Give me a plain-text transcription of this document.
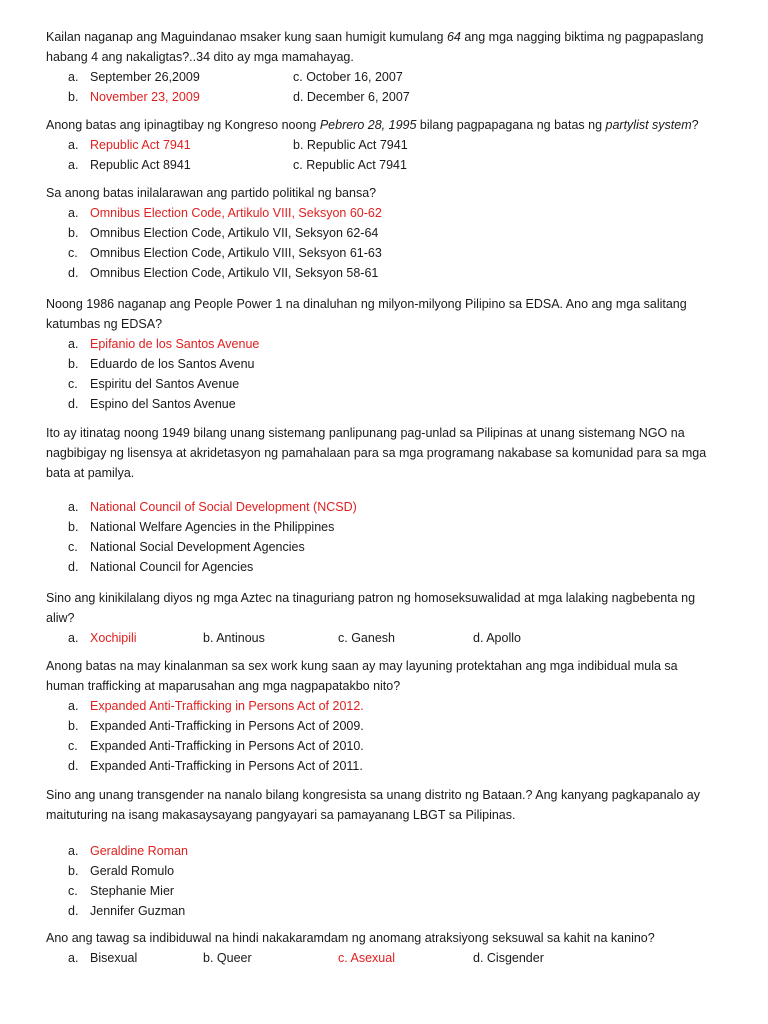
Kailan naganap ang Maguindanao msaker kung saan humigit kumulang 64 ang mga nagging biktima ng pagpapaslang habang 4 ang nakaligtas?..34 dito ay mga mamahayag.
a. September 26,2009	c. October 16, 2007
b. November 23, 2009	d. December 6, 2007
Anong batas ang ipinagtibay ng Kongreso noong Pebrero 28, 1995 bilang pagpapagana ng batas ng partylist system?
a. Republic Act 7941	b. Republic Act 7941
a. Republic Act 8941	c. Republic Act 7941
Sa anong batas inilalarawan ang partido politikal ng bansa?
a. Omnibus Election Code, Artikulo VIII, Seksyon 60-62
b. Omnibus Election Code, Artikulo VII, Seksyon 62-64
c. Omnibus Election Code, Artikulo VIII, Seksyon 61-63
d. Omnibus Election Code, Artikulo VII, Seksyon 58-61
Noong 1986 naganap ang People Power 1 na dinaluhan ng milyon-milyong Pilipino sa EDSA. Ano ang mga salitang katumbas ng EDSA?
a. Epifanio de los Santos Avenue
b. Eduardo de los Santos Avenu
c. Espiritu del Santos Avenue
d. Espino del Santos Avenue
Ito ay itinatag noong 1949 bilang unang sistemang panlipunang pag-unlad sa Pilipinas at unang sistemang NGO na nagbibigay ng lisensya at akridetasyon ng pamahalaan para sa mga programang nakabase sa komunidad para sa mga bata at pamilya.
a. National Council of Social Development (NCSD)
b. National Welfare Agencies in the Philippines
c. National Social Development Agencies
d. National Council for Agencies
Sino ang kinikilalang diyos ng mga Aztec na tinaguriang patron ng homoseksuwalidad at mga lalaking nagbebenta ng aliw?
a. Xochipili	b. Antinous	c. Ganesh	d. Apollo
Anong batas na may kinalanman sa sex work kung saan ay may layuning protektahan ang mga indibidual mula sa human trafficking at maparusahan ang mga nagpapatakbo nito?
a. Expanded Anti-Trafficking in Persons Act of 2012.
b. Expanded Anti-Trafficking in Persons Act of 2009.
c. Expanded Anti-Trafficking in Persons Act of 2010.
d. Expanded Anti-Trafficking in Persons Act of 2011.
Sino ang unang transgender na nanalo bilang kongresista sa unang distrito ng Bataan.? Ang kanyang pagkapanalo ay maituturing na isang makasaysayang pangyayari sa pamayanang LBGT sa Pilipinas.
a. Geraldine Roman
b. Gerald Romulo
c. Stephanie Mier
d. Jennifer Guzman
Ano ang tawag sa indibiduwal na hindi nakakaramdam ng anomang atraksiyong seksuwal sa kahit na kanino?
a. Bisexual	b. Queer	c. Asexual	d. Cisgender
